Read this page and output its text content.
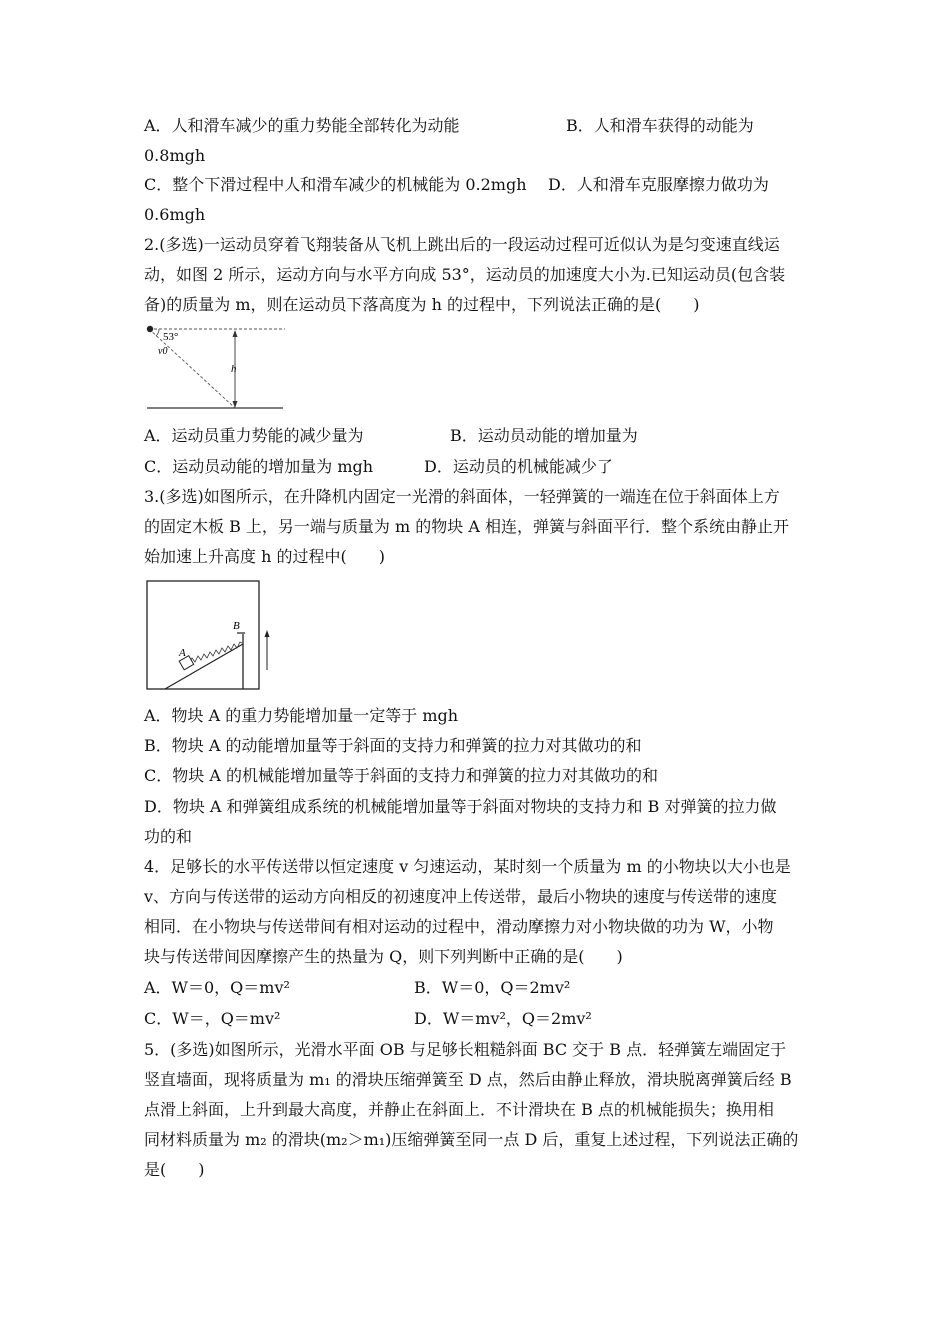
A．人和滑车减少的重力势能全部转化为动能	B．人和滑车获得的动能为
0.8mgh
C．整个下滑过程中人和滑车减少的机械能为 0.2mgh D．人和滑车克服摩擦力做功为
0.6mgh
2.(多选)一运动员穿着飞翔装备从飞机上跳出后的一段运动过程可近似认为是匀变速直线运
动，如图 2 所示，运动方向与水平方向成 53°，运动员的加速度大小为.已知运动员(包含装
备)的质量为 m，则在运动员下落高度为 h 的过程中，下列说法正确的是(　　)
53°
v0
h
A．运动员重力势能的减少量为	B．运动员动能的增加量为
C．运动员动能的增加量为 mgh	D．运动员的机械能减少了
3.(多选)如图所示，在升降机内固定一光滑的斜面体，一轻弹簧的一端连在位于斜面体上方
的固定木板 B 上，另一端与质量为 m 的物块 A 相连，弹簧与斜面平行．整个系统由静止开
始加速上升高度 h 的过程中(　　)
A
B
A．物块 A 的重力势能增加量一定等于 mgh
B．物块 A 的动能增加量等于斜面的支持力和弹簧的拉力对其做功的和
C．物块 A 的机械能增加量等于斜面的支持力和弹簧的拉力对其做功的和
D．物块 A 和弹簧组成系统的机械能增加量等于斜面对物块的支持力和 B 对弹簧的拉力做
功的和
4．足够长的水平传送带以恒定速度 v 匀速运动，某时刻一个质量为 m 的小物块以大小也是
v、方向与传送带的运动方向相反的初速度冲上传送带，最后小物块的速度与传送带的速度
相同．在小物块与传送带间有相对运动的过程中，滑动摩擦力对小物块做的功为 W，小物
块与传送带间因摩擦产生的热量为 Q，则下列判断中正确的是(　　)
A．W＝0，Q＝mv²	B．W＝0，Q＝2mv²
C．W＝，Q＝mv²	D．W＝mv²，Q＝2mv²
5．(多选)如图所示，光滑水平面 OB 与足够长粗糙斜面 BC 交于 B 点．轻弹簧左端固定于
竖直墙面，现将质量为 m₁ 的滑块压缩弹簧至 D 点，然后由静止释放，滑块脱离弹簧后经 B
点滑上斜面，上升到最大高度，并静止在斜面上．不计滑块在 B 点的机械能损失；换用相
同材料质量为 m₂ 的滑块(m₂＞m₁)压缩弹簧至同一点 D 后，重复上述过程，下列说法正确的
是(　　)
